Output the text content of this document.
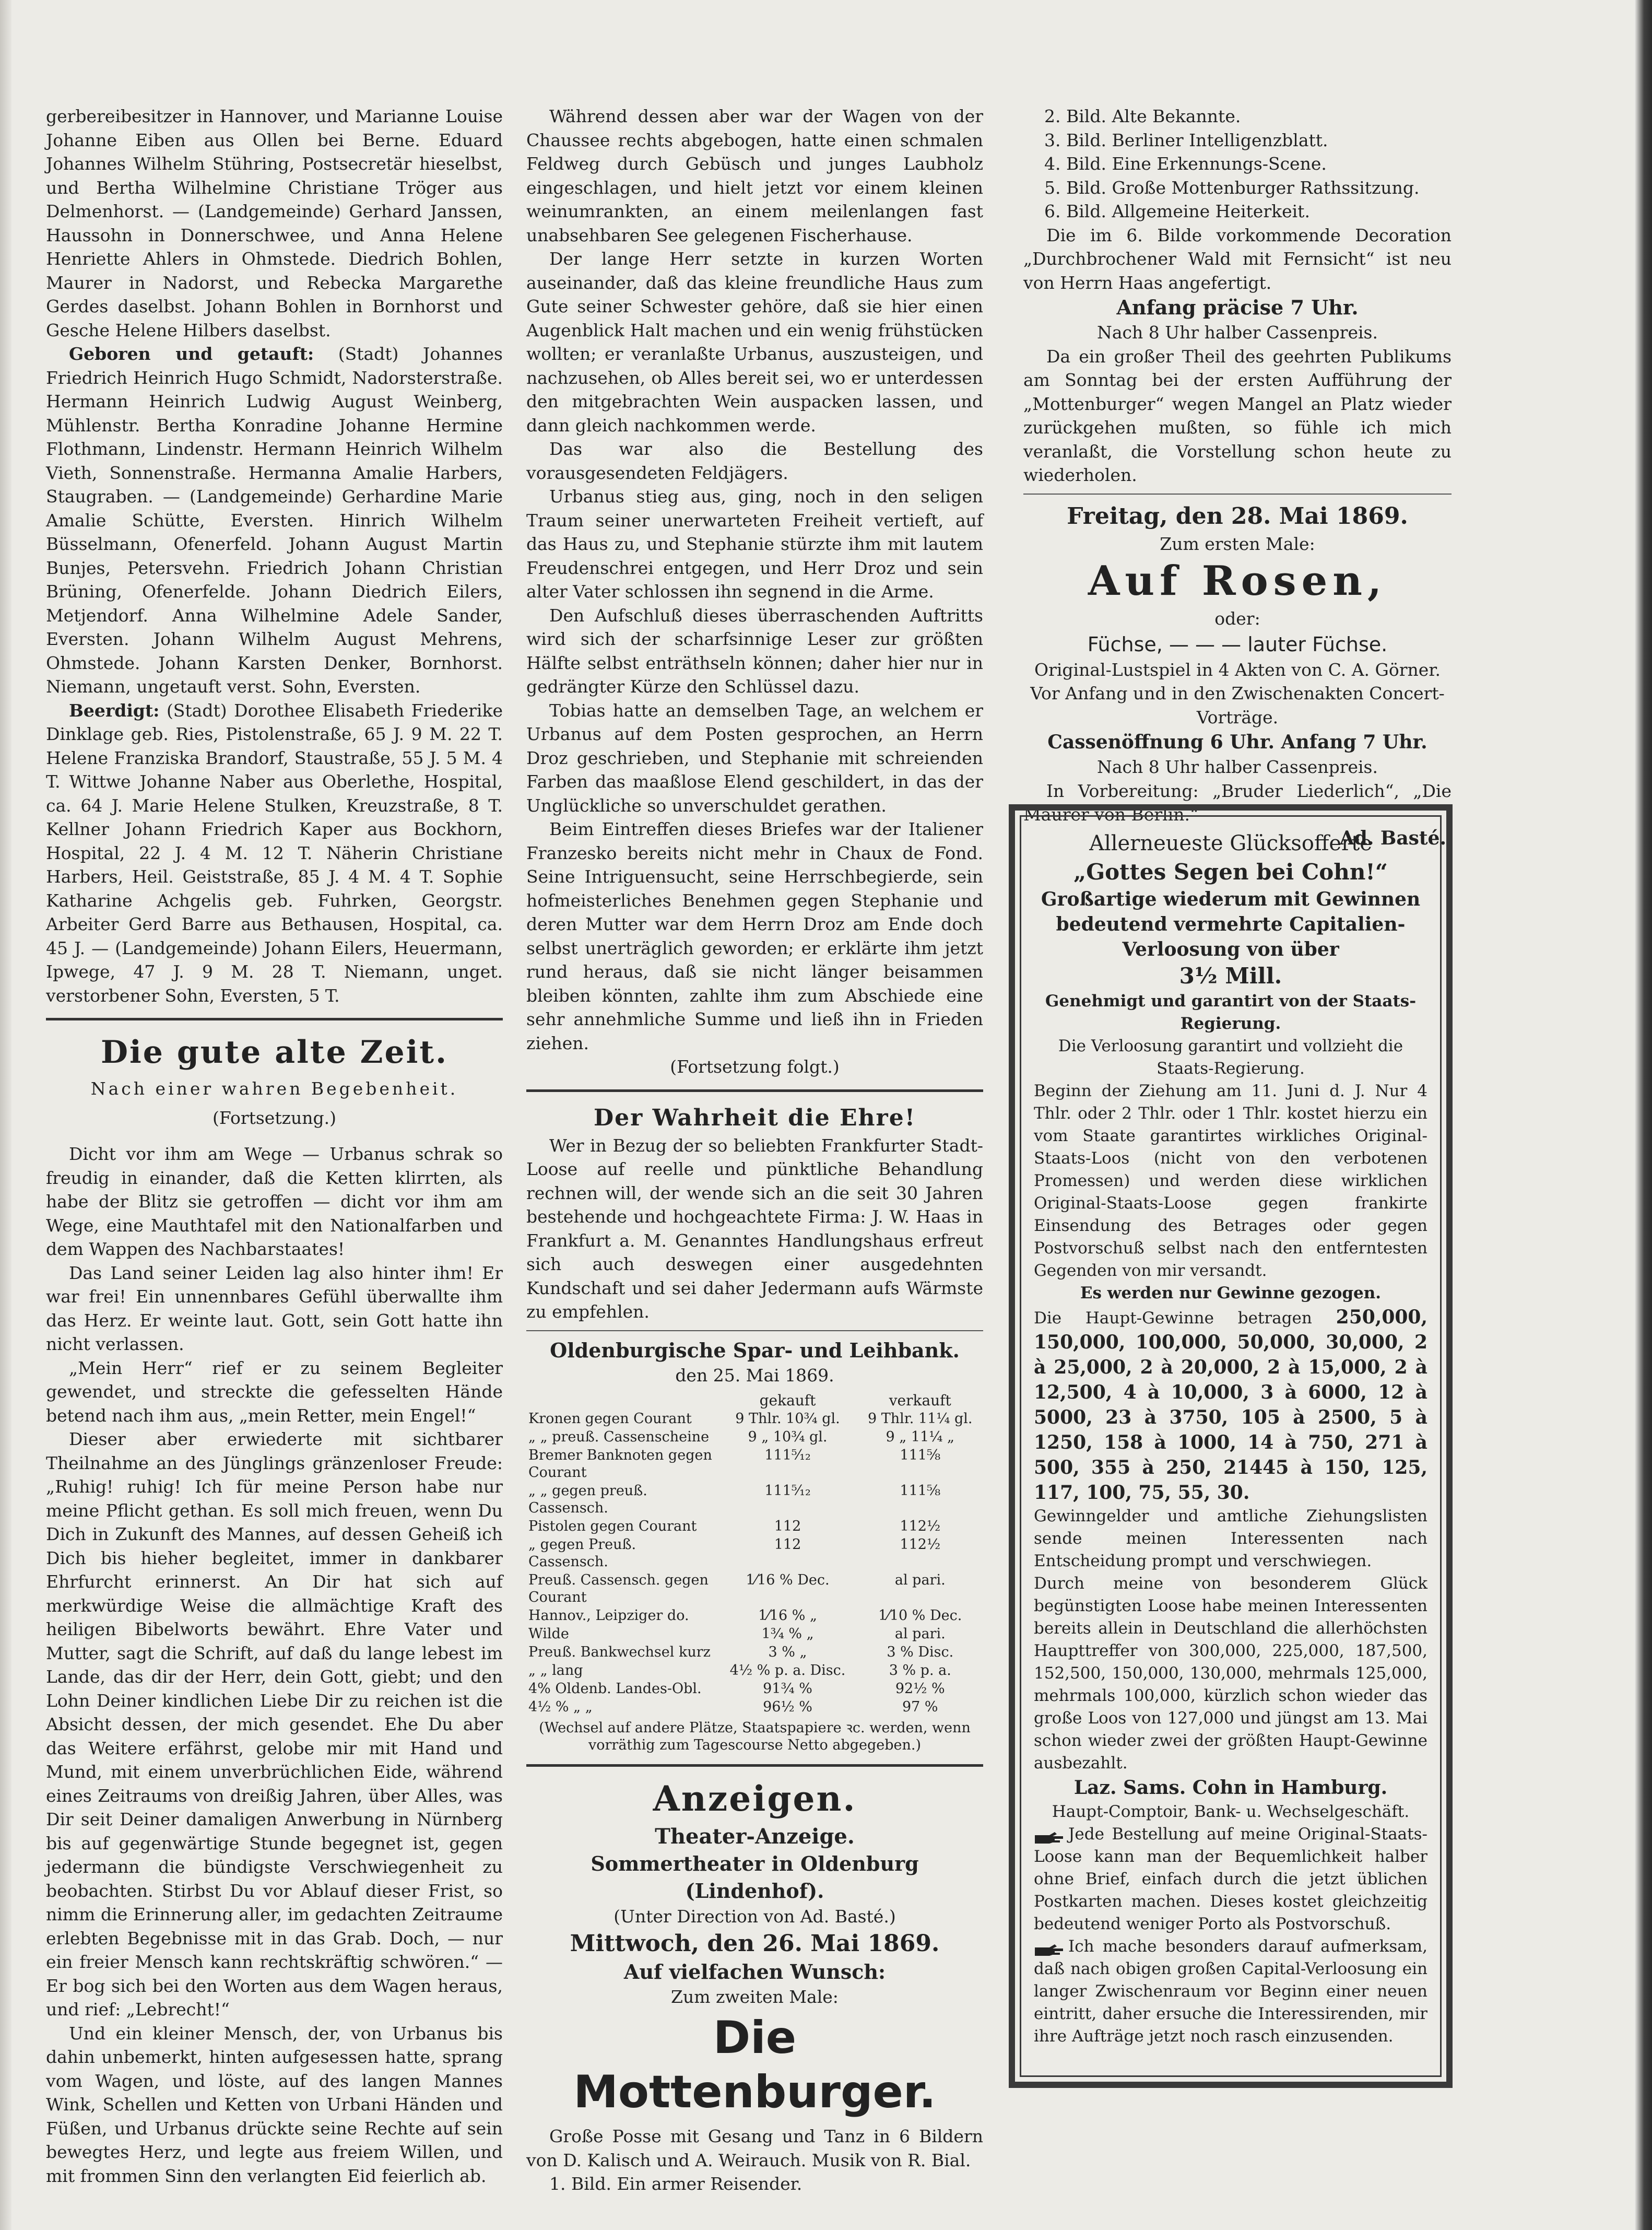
gerbereibesitzer in Hannover, und Marianne Louise Johanne Eiben aus Ollen bei Berne. Eduard Johannes Wilhelm Stühring, Postsecretär hieselbst, und Bertha Wilhelmine Christiane Tröger aus Delmenhorst. — (Landgemeinde) Gerhard Janssen, Haussohn in Donnerschwee, und Anna Helene Henriette Ahlers in Ohmstede. Diedrich Bohlen, Maurer in Nadorst, und Rebecka Margarethe Gerdes daselbst. Johann Bohlen in Bornhorst und Gesche Helene Hilbers daselbst.

Geboren und getauft: (Stadt) Johannes Friedrich Heinrich Hugo Schmidt, Nadorsterstraße. Hermann Heinrich Ludwig August Weinberg, Mühlenstr. Bertha Konradine Johanne Hermine Flothmann, Lindenstr. Hermann Heinrich Wilhelm Vieth, Sonnenstraße. Hermanna Amalie Harbers, Staugraben. — (Landgemeinde) Gerhardine Marie Amalie Schütte, Eversten. Hinrich Wilhelm Büsselmann, Ofenerfeld. Johann August Martin Bunjes, Petersvehn. Friedrich Johann Christian Brüning, Ofenerfelde. Johann Diedrich Eilers, Metjendorf. Anna Wilhelmine Adele Sander, Eversten. Johann Wilhelm August Mehrens, Ohmstede. Johann Karsten Denker, Bornhorst. Niemann, ungetauft verst. Sohn, Eversten.

Beerdigt: (Stadt) Dorothee Elisabeth Friederike Dinklage geb. Ries, Pistolenstraße, 65 J. 9 M. 22 T. Helene Franziska Brandorf, Staustraße, 55 J. 5 M. 4 T. Wittwe Johanne Naber aus Oberlethe, Hospital, ca. 64 J. Marie Helene Stulken, Kreuzstraße, 8 T. Kellner Johann Friedrich Kaper aus Bockhorn, Hospital, 22 J. 4 M. 12 T. Näherin Christiane Harbers, Heil. Geiststraße, 85 J. 4 M. 4 T. Sophie Katharine Achgelis geb. Fuhrken, Georgstr. Arbeiter Gerd Barre aus Bethausen, Hospital, ca. 45 J. — (Landgemeinde) Johann Eilers, Heuermann, Ipwege, 47 J. 9 M. 28 T. Niemann, unget. verstorbener Sohn, Eversten, 5 T.

Die gute alte Zeit.

Nach einer wahren Begebenheit.

(Fortsetzung.)

Dicht vor ihm am Wege — Urbanus schrak so freudig in einander, daß die Ketten klirrten, als habe der Blitz sie getroffen — dicht vor ihm am Wege, eine Mauthtafel mit den Nationalfarben und dem Wappen des Nachbarstaates!

Das Land seiner Leiden lag also hinter ihm! Er war frei! Ein unnennbares Gefühl überwallte ihm das Herz. Er weinte laut. Gott, sein Gott hatte ihn nicht verlassen.

„Mein Herr“ rief er zu seinem Begleiter gewendet, und streckte die gefesselten Hände betend nach ihm aus, „mein Retter, mein Engel!“

Dieser aber erwiederte mit sichtbarer Theilnahme an des Jünglings gränzenloser Freude: „Ruhig! ruhig! Ich für meine Person habe nur meine Pflicht gethan. Es soll mich freuen, wenn Du Dich in Zukunft des Mannes, auf dessen Geheiß ich Dich bis hieher begleitet, immer in dankbarer Ehrfurcht erinnerst. An Dir hat sich auf merkwürdige Weise die allmächtige Kraft des heiligen Bibelworts bewährt. Ehre Vater und Mutter, sagt die Schrift, auf daß du lange lebest im Lande, das dir der Herr, dein Gott, giebt; und den Lohn Deiner kindlichen Liebe Dir zu reichen ist die Absicht dessen, der mich gesendet. Ehe Du aber das Weitere erfährst, gelobe mir mit Hand und Mund, mit einem unverbrüchlichen Eide, während eines Zeitraums von dreißig Jahren, über Alles, was Dir seit Deiner damaligen Anwerbung in Nürnberg bis auf gegenwärtige Stunde begegnet ist, gegen jedermann die bündigste Verschwiegenheit zu beobachten. Stirbst Du vor Ablauf dieser Frist, so nimm die Erinnerung aller, im gedachten Zeitraume erlebten Begebnisse mit in das Grab. Doch, — nur ein freier Mensch kann rechtskräftig schwören.“ — Er bog sich bei den Worten aus dem Wagen heraus, und rief: „Lebrecht!“

Und ein kleiner Mensch, der, von Urbanus bis dahin unbemerkt, hinten aufgesessen hatte, sprang vom Wagen, und löste, auf des langen Mannes Wink, Schellen und Ketten von Urbani Händen und Füßen, und Urbanus drückte seine Rechte auf sein bewegtes Herz, und legte aus freiem Willen, und mit frommen Sinn den verlangten Eid feierlich ab.

Während dessen aber war der Wagen von der Chaussee rechts abgebogen, hatte einen schmalen Feldweg durch Gebüsch und junges Laubholz eingeschlagen, und hielt jetzt vor einem kleinen weinumrankten, an einem meilenlangen fast unabsehbaren See gelegenen Fischerhause.

Der lange Herr setzte in kurzen Worten auseinander, daß das kleine freundliche Haus zum Gute seiner Schwester gehöre, daß sie hier einen Augenblick Halt machen und ein wenig frühstücken wollten; er veranlaßte Urbanus, auszusteigen, und nachzusehen, ob Alles bereit sei, wo er unterdessen den mitgebrachten Wein auspacken lassen, und dann gleich nachkommen werde.

Das war also die Bestellung des vorausgesendeten Feldjägers.

Urbanus stieg aus, ging, noch in den seligen Traum seiner unerwarteten Freiheit vertieft, auf das Haus zu, und Stephanie stürzte ihm mit lautem Freudenschrei entgegen, und Herr Droz und sein alter Vater schlossen ihn segnend in die Arme.

Den Aufschluß dieses überraschenden Auftritts wird sich der scharfsinnige Leser zur größten Hälfte selbst enträthseln können; daher hier nur in gedrängter Kürze den Schlüssel dazu.

Tobias hatte an demselben Tage, an welchem er Urbanus auf dem Posten gesprochen, an Herrn Droz geschrieben, und Stephanie mit schreienden Farben das maaßlose Elend geschildert, in das der Unglückliche so unverschuldet gerathen.

Beim Eintreffen dieses Briefes war der Italiener Franzesko bereits nicht mehr in Chaux de Fond. Seine Intriguensucht, seine Herrschbegierde, sein hofmeisterliches Benehmen gegen Stephanie und deren Mutter war dem Herrn Droz am Ende doch selbst unerträglich geworden; er erklärte ihm jetzt rund heraus, daß sie nicht länger beisammen bleiben könnten, zahlte ihm zum Abschiede eine sehr annehmliche Summe und ließ ihn in Frieden ziehen.

(Fortsetzung folgt.)

Der Wahrheit die Ehre!

Wer in Bezug der so beliebten Frankfurter Stadt-Loose auf reelle und pünktliche Behandlung rechnen will, der wende sich an die seit 30 Jahren bestehende und hochgeachtete Firma: J. W. Haas in Frankfurt a. M. Genanntes Handlungshaus erfreut sich auch deswegen einer ausgedehnten Kundschaft und sei daher Jedermann aufs Wärmste zu empfehlen.

Oldenburgische Spar- und Leihbank.
den 25. Mai 1869.
	gekauft	verkauft
Kronen gegen Courant	9 Thlr. 10¾ gl.	9 Thlr. 11¼ gl.
„ „ preuß. Cassenscheine	9 „ 10¾ gl.	9 „ 11¼ „
Bremer Banknoten gegen Courant	111⁵⁄₁₂	111⅝
„ „ gegen preuß. Cassensch.	111⁵⁄₁₂	111⅝
Pistolen gegen Courant	112	112½
„ gegen Preuß. Cassensch.	112	112½
Preuß. Cassensch. gegen Courant	1⁄16 % Dec.	al pari.
Hannov., Leipziger do.	1⁄16 % „	1⁄10 % Dec.
Wilde	1¾ % „	al pari.
Preuß. Bankwechsel kurz	3 % „	3 % Disc.
„ „ lang	4½ % p. a. Disc.	3 % p. a.
4% Oldenb. Landes-Obl.	91¾ %	92½ %
4½ % „ „	96½ %	97 %

(Wechsel auf andere Plätze, Staatspapiere ꝛc. werden, wenn vorräthig zum Tagescourse Netto abgegeben.)

Anzeigen.
Theater-Anzeige.
Sommertheater in Oldenburg (Lindenhof).
(Unter Direction von Ad. Basté.)
Mittwoch, den 26. Mai 1869.
Auf vielfachen Wunsch:
Zum zweiten Male:
Die Mottenburger.

Große Posse mit Gesang und Tanz in 6 Bildern von D. Kalisch und A. Weirauch. Musik von R. Bial.

1. Bild. Ein armer Reisender.

2. Bild. Alte Bekannte.

3. Bild. Berliner Intelligenzblatt.

4. Bild. Eine Erkennungs-Scene.

5. Bild. Große Mottenburger Rathssitzung.

6. Bild. Allgemeine Heiterkeit.

Die im 6. Bilde vorkommende Decoration „Durchbrochener Wald mit Fernsicht“ ist neu von Herrn Haas angefertigt.

Anfang präcise 7 Uhr.
Nach 8 Uhr halber Cassenpreis.

Da ein großer Theil des geehrten Publikums am Sonntag bei der ersten Aufführung der „Mottenburger“ wegen Mangel an Platz wieder zurückgehen mußten, so fühle ich mich veranlaßt, die Vorstellung schon heute zu wiederholen.

Freitag, den 28. Mai 1869.
Zum ersten Male:
Auf Rosen,
oder:
Füchse, — — — lauter Füchse.

Original-Lustspiel in 4 Akten von C. A. Görner. Vor Anfang und in den Zwischenakten Concert-Vorträge.

Cassenöffnung 6 Uhr. Anfang 7 Uhr.
Nach 8 Uhr halber Cassenpreis.

In Vorbereitung: „Bruder Liederlich“, „Die Maurer von Berlin.“

Ad. Basté.

Allerneueste Glücksofferte
„Gottes Segen bei Cohn!“

Großartige wiederum mit Gewinnen bedeutend vermehrte Capitalien-Verloosung von über

3½ Mill.

Genehmigt und garantirt von der Staats-Regierung.

Die Verloosung garantirt und vollzieht die Staats-Regierung.

Beginn der Ziehung am 11. Juni d. J. Nur 4 Thlr. oder 2 Thlr. oder 1 Thlr. kostet hierzu ein vom Staate garantirtes wirkliches Original-Staats-Loos (nicht von den verbotenen Promessen) und werden diese wirklichen Original-Staats-Loose gegen frankirte Einsendung des Betrages oder gegen Postvorschuß selbst nach den entferntesten Gegenden von mir versandt.

Es werden nur Gewinne gezogen.

Die Haupt-Gewinne betragen 250,000, 150,000, 100,000, 50,000, 30,000, 2 à 25,000, 2 à 20,000, 2 à 15,000, 2 à 12,500, 4 à 10,000, 3 à 6000, 12 à 5000, 23 à 3750, 105 à 2500, 5 à 1250, 158 à 1000, 14 à 750, 271 à 500, 355 à 250, 21445 à 150, 125, 117, 100, 75, 55, 30.

Gewinngelder und amtliche Ziehungslisten sende meinen Interessenten nach Entscheidung prompt und verschwiegen.

Durch meine von besonderem Glück begünstigten Loose habe meinen Interessenten bereits allein in Deutschland die allerhöchsten Haupttreffer von 300,000, 225,000, 187,500, 152,500, 150,000, 130,000, mehrmals 125,000, mehrmals 100,000, kürzlich schon wieder das große Loos von 127,000 und jüngst am 13. Mai schon wieder zwei der größten Haupt-Gewinne ausbezahlt.

Laz. Sams. Cohn in Hamburg.

Haupt-Comptoir, Bank- u. Wechselgeschäft.

Jede Bestellung auf meine Original-Staats-Loose kann man der Bequemlichkeit halber ohne Brief, einfach durch die jetzt üblichen Postkarten machen. Dieses kostet gleichzeitig bedeutend weniger Porto als Postvorschuß.

Ich mache besonders darauf aufmerksam, daß nach obigen großen Capital-Verloosung ein langer Zwischenraum vor Beginn einer neuen eintritt, daher ersuche die Interessirenden, mir ihre Aufträge jetzt noch rasch einzusenden.
